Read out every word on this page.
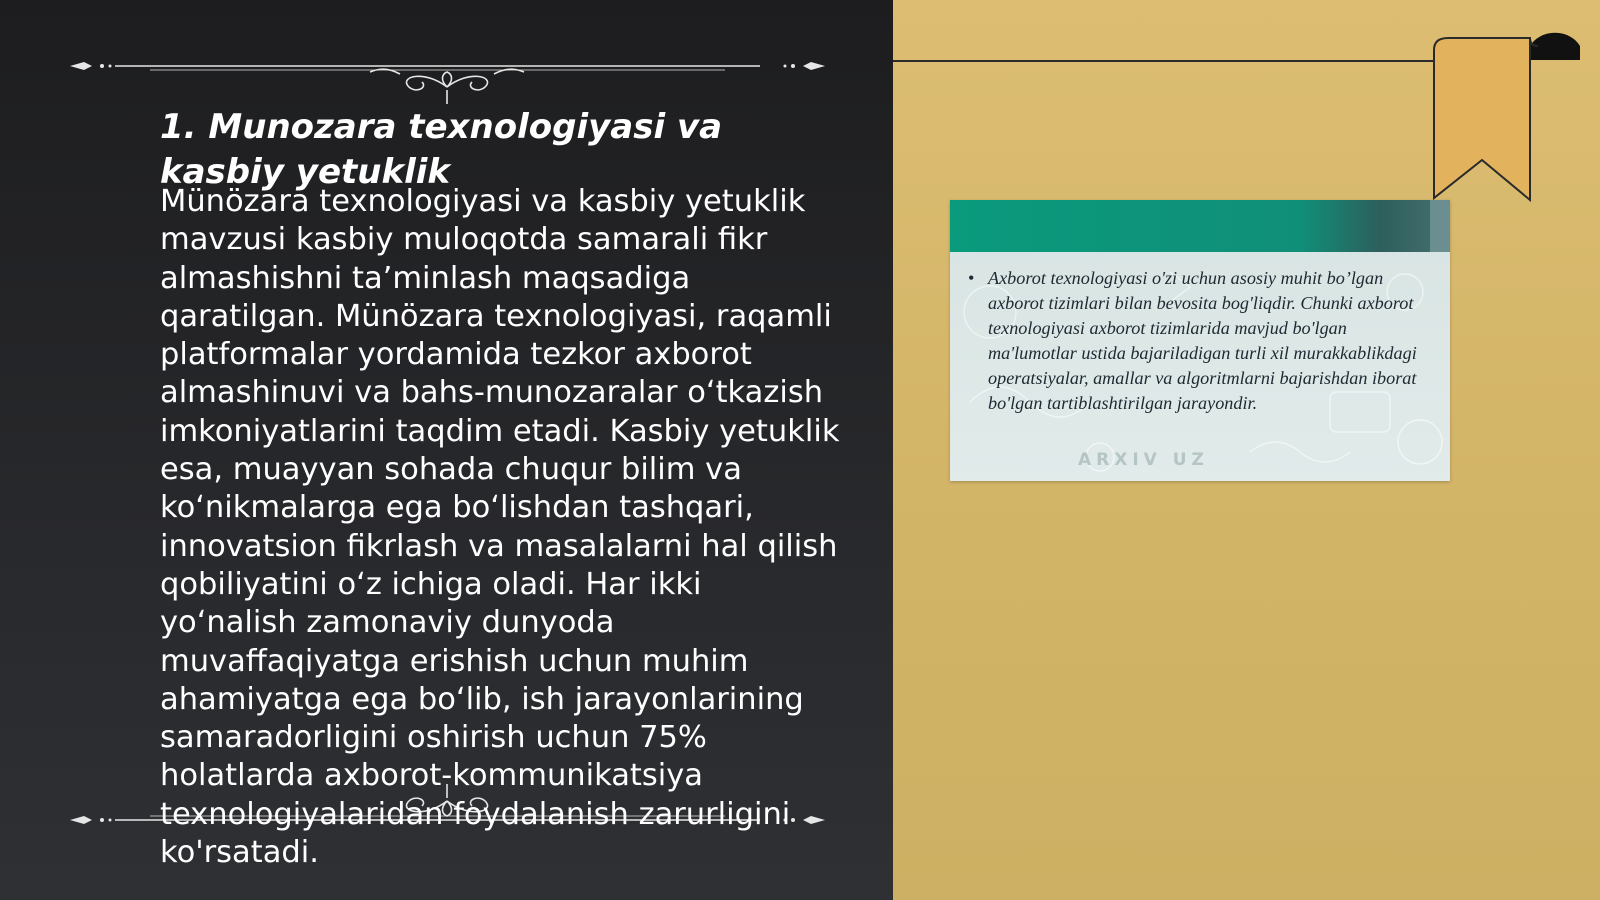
1. Munozara texnologiyasi va kasbiy yetuklik

Münözara texnologiyasi va kasbiy yetuklik mavzusi kasbiy muloqotda samarali fikr almashishni ta’minlash maqsadiga qaratilgan. Münözara texnologiyasi, raqamli platformalar yordamida tezkor axborot almashinuvi va bahs-munozaralar o‘tkazish imkoniyatlarini taqdim etadi. Kasbiy yetuklik esa, muayyan sohada chuqur bilim va ko‘nikmalarga ega bo‘lishdan tashqari, innovatsion fikrlash va masalalarni hal qilish qobiliyatini o‘z ichiga oladi. Har ikki yo‘nalish zamonaviy dunyoda muvaffaqiyatga erishish uchun muhim ahamiyatga ega bo‘lib, ish jarayonlarining samaradorligini oshirish uchun 75% holatlarda axborot-kommunikatsiya texnologiyalaridan foydalanish zarurligini ko'rsatadi.

• Axborot texnologiyasi o'zi uchun asosiy muhit bo’lgan axborot tizimlari bilan bevosita bog'liqdir. Chunki axborot texnologiyasi axborot tizimlarida mavjud bo'lgan ma'lumotlar ustida bajariladigan turli xil murakkablikdagi operatsiyalar, amallar va algoritmlarni bajarishdan iborat bo'lgan tartiblashtirilgan jarayondir.
ARXIV UZ
